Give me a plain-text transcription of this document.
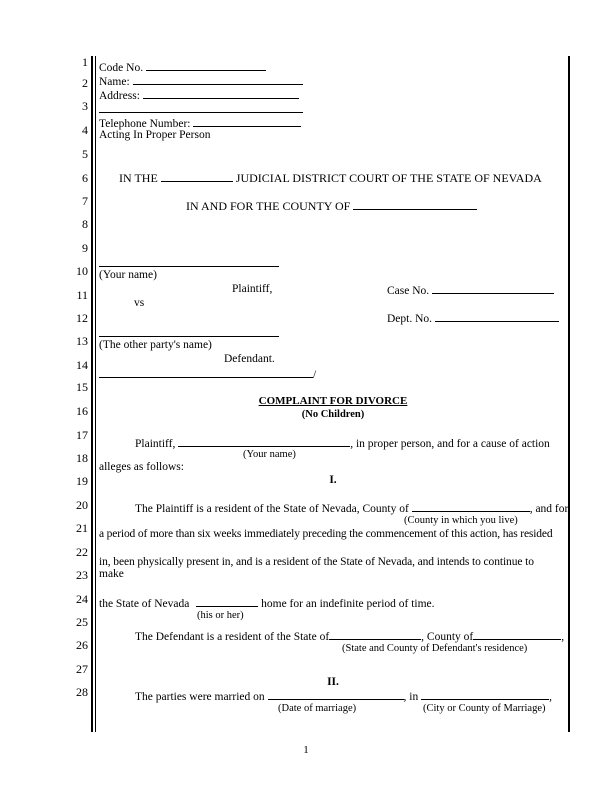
1
2
3
4
5
6
7
8
9
10
11
12
13
14
15
16
17
18
19
20
21
22
23
24
25
26
27
28
Code No.
Name:
Address:
Telephone Number:
Acting In Proper Person
IN THE	JUDICIAL DISTRICT COURT OF THE STATE OF NEVADA
IN AND FOR THE COUNTY OF
(Your name)
Plaintiff,	Case No.
vs
Dept. No.
(The other party's name)
Defendant.
/
COMPLAINT FOR DIVORCE
(No Children)
Plaintiff,	, in proper person, and for a cause of action
(Your name)
alleges as follows:
I.
The Plaintiff is a resident of the State of Nevada, County of	, and for
(County in which you live)
a period of more than six weeks immediately preceding the commencement of this action, has resided
in, been physically present in, and is a resident of the State of Nevada, and intends to continue to
make
the State of Nevada	home for an indefinite period of time.
(his or her)
The Defendant is a resident of the State of	, County of	,
(State and County of Defendant's residence)
II.
The parties were married on	, in	,
(Date of marriage)	(City or County of Marriage)
1
